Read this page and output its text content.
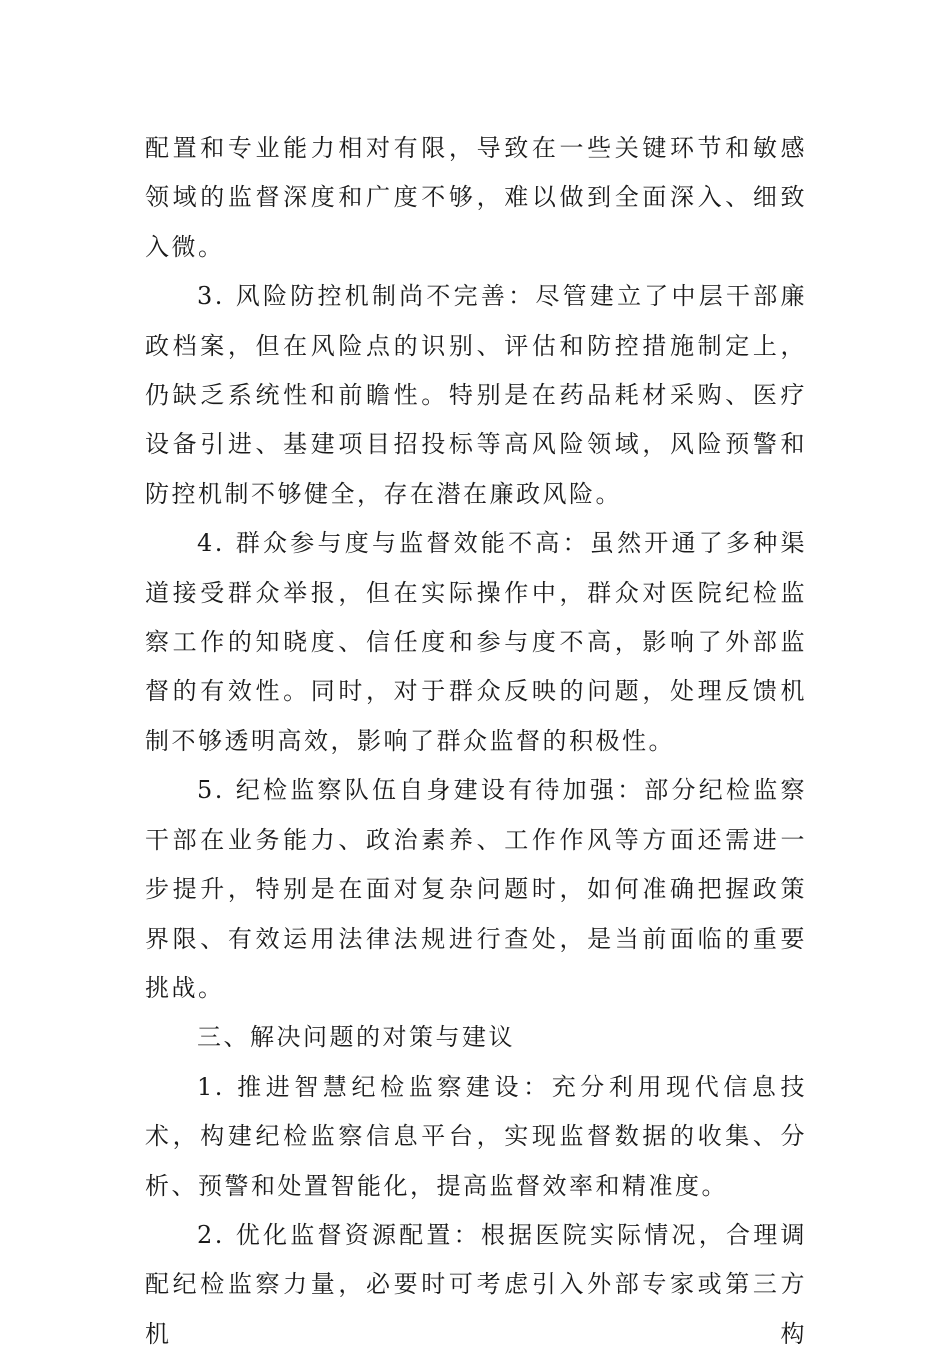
配置和专业能力相对有限，导致在一些关键环节和敏感领域的监督深度和广度不够，难以做到全面深入、细致入微。

3. 风险防控机制尚不完善：尽管建立了中层干部廉政档案，但在风险点的识别、评估和防控措施制定上，仍缺乏系统性和前瞻性。特别是在药品耗材采购、医疗设备引进、基建项目招投标等高风险领域，风险预警和防控机制不够健全，存在潜在廉政风险。

4. 群众参与度与监督效能不高：虽然开通了多种渠道接受群众举报，但在实际操作中，群众对医院纪检监察工作的知晓度、信任度和参与度不高，影响了外部监督的有效性。同时，对于群众反映的问题，处理反馈机制不够透明高效，影响了群众监督的积极性。

5. 纪检监察队伍自身建设有待加强：部分纪检监察干部在业务能力、政治素养、工作作风等方面还需进一步提升，特别是在面对复杂问题时，如何准确把握政策界限、有效运用法律法规进行查处，是当前面临的重要挑战。

三、解决问题的对策与建议

1. 推进智慧纪检监察建设：充分利用现代信息技术，构建纪检监察信息平台，实现监督数据的收集、分析、预警和处置智能化，提高监督效率和精准度。

2. 优化监督资源配置：根据医院实际情况，合理调配纪检监察力量，必要时可考虑引入外部专家或第三方机构
